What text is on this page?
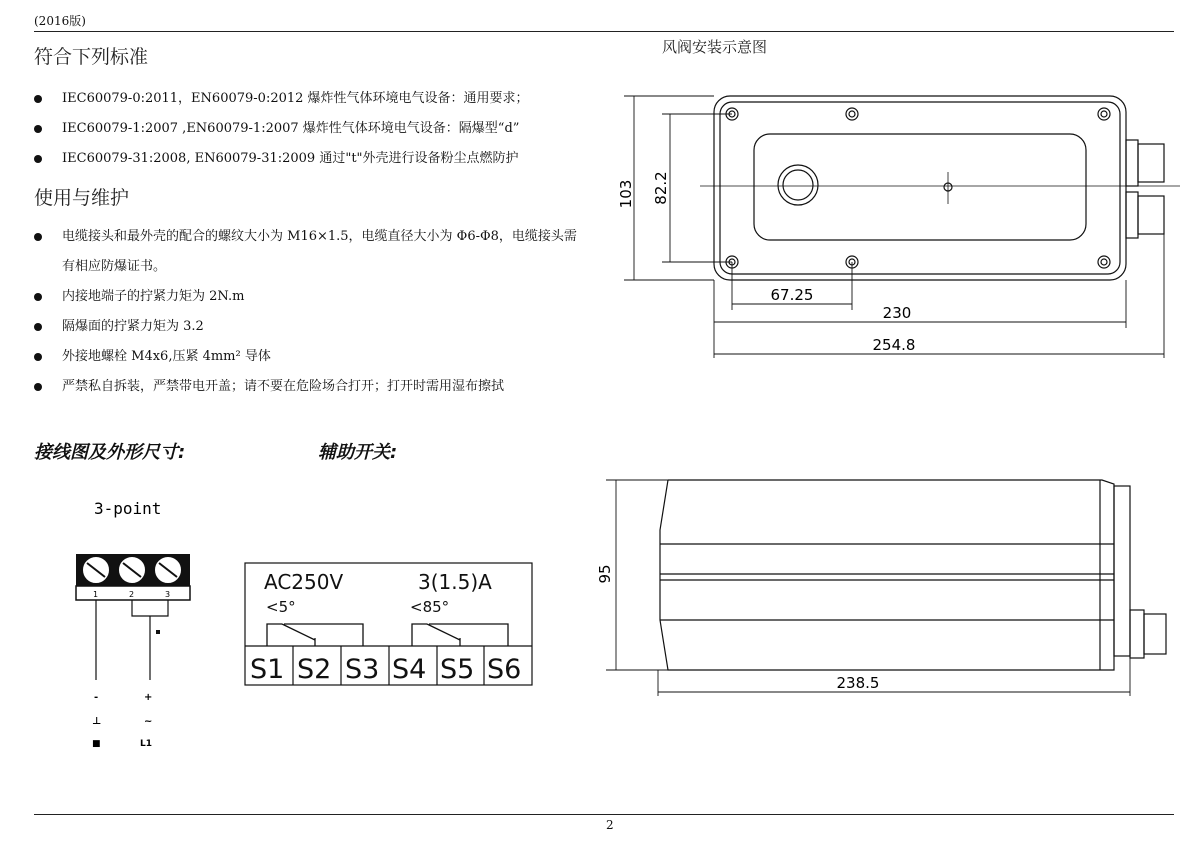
(2016版)
符合下列标准
IEC60079-0:2011，EN60079-0:2012 爆炸性气体环境电气设备：通用要求；
IEC60079-1:2007 ,EN60079-1:2007 爆炸性气体环境电气设备：隔爆型“d”
IEC60079-31:2008, EN60079-31:2009 通过"t"外壳进行设备粉尘点燃防护
使用与维护
电缆接头和最外壳的配合的螺纹大小为 M16×1.5，电缆直径大小为 Φ6-Φ8，电缆接头需有相应防爆证书。
内接地端子的拧紧力矩为 2N.m
隔爆面的拧紧力矩为 3.2
外接地螺栓 M4x6,压紧 4mm² 导体
严禁私自拆装，严禁带电开盖；请不要在危险场合打开；打开时需用湿布擦拭
接线图及外形尺寸:	辅助开关:
3-point
1	2	3
-
⊥
■
+
~
L1
AC250V	3(1.5)A
<5°	<85°
S1 S2 S3 S4 S5 S6
风阀安装示意图
103 82.2
67.25
230
254.8
95
238.5
2
